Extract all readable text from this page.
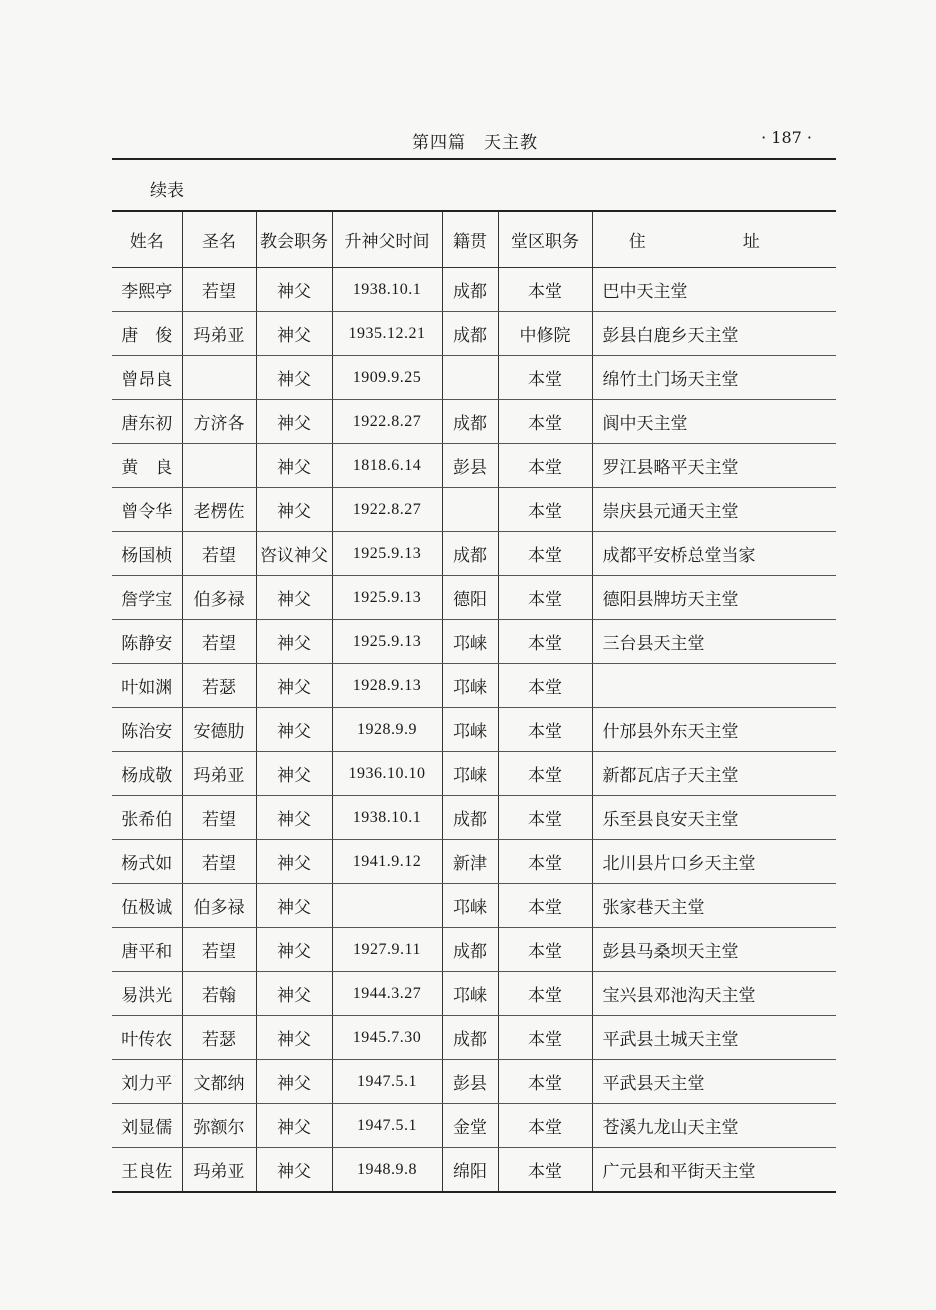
第四篇　天主教	· 187 ·
续表
姓名	圣名	教会职务	升神父时间	籍贯	堂区职务	住　址
李熙亭	若望	神父	1938.10.1	成都	本堂	巴中天主堂
唐　俊	玛弟亚	神父	1935.12.21	成都	中修院	彭县白鹿乡天主堂
曾昂良		神父	1909.9.25		本堂	绵竹土门场天主堂
唐东初	方济各	神父	1922.8.27	成都	本堂	阆中天主堂
黄　良		神父	1818.6.14	彭县	本堂	罗江县略平天主堂
曾令华	老楞佐	神父	1922.8.27		本堂	崇庆县元通天主堂
杨国桢	若望	咨议神父	1925.9.13	成都	本堂	成都平安桥总堂当家
詹学宝	伯多禄	神父	1925.9.13	德阳	本堂	德阳县牌坊天主堂
陈静安	若望	神父	1925.9.13	邛崃	本堂	三台县天主堂
叶如渊	若瑟	神父	1928.9.13	邛崃	本堂	
陈治安	安德肋	神父	1928.9.9	邛崃	本堂	什邡县外东天主堂
杨成敬	玛弟亚	神父	1936.10.10	邛崃	本堂	新都瓦店子天主堂
张希伯	若望	神父	1938.10.1	成都	本堂	乐至县良安天主堂
杨式如	若望	神父	1941.9.12	新津	本堂	北川县片口乡天主堂
伍极诚	伯多禄	神父		邛崃	本堂	张家巷天主堂
唐平和	若望	神父	1927.9.11	成都	本堂	彭县马桑坝天主堂
易洪光	若翰	神父	1944.3.27	邛崃	本堂	宝兴县邓池沟天主堂
叶传农	若瑟	神父	1945.7.30	成都	本堂	平武县土城天主堂
刘力平	文都纳	神父	1947.5.1	彭县	本堂	平武县天主堂
刘显儒	弥额尔	神父	1947.5.1	金堂	本堂	苍溪九龙山天主堂
王良佐	玛弟亚	神父	1948.9.8	绵阳	本堂	广元县和平街天主堂
